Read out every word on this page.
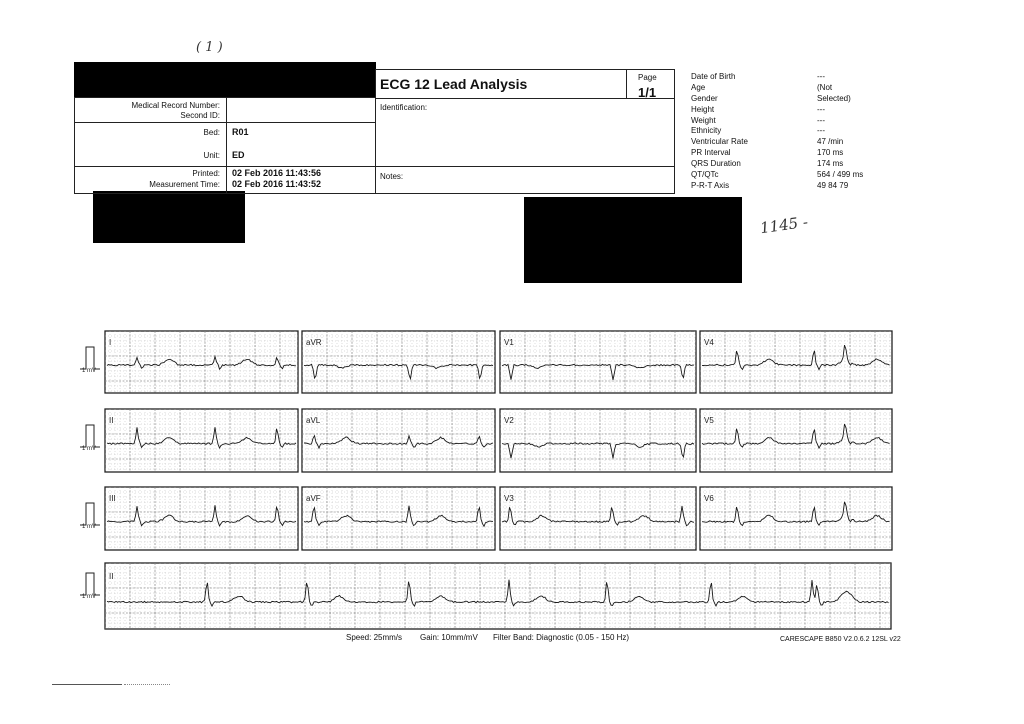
( 1 )
1145 -
ECG 12 Lead Analysis	Page
1/1
Medical Record Number:
Second ID:
Identification:
Bed: R01
Unit: ED
Printed: 02 Feb 2016 11:43:56
Measurement Time: 02 Feb 2016 11:43:52
Notes:
Date of Birth	---
Age	(Not
Gender	Selected)
Height	---
Weight	---
Ethnicity	---
Ventricular Rate	47 /min
PR Interval	170 ms
QRS Duration	174 ms
QT/QTc	564 / 499 ms
P-R-T Axis	49 84 79
1 mV
I	aVR	V1	V4
1 mV
II	aVL	V2	V5
1 mV
III	aVF	V3	V6
1 mV
II
Speed: 25mm/s Gain: 10mm/mV Filter Band: Diagnostic (0.05 - 150 Hz)	CARESCAPE B850 V2.0.6.2 12SL v22
